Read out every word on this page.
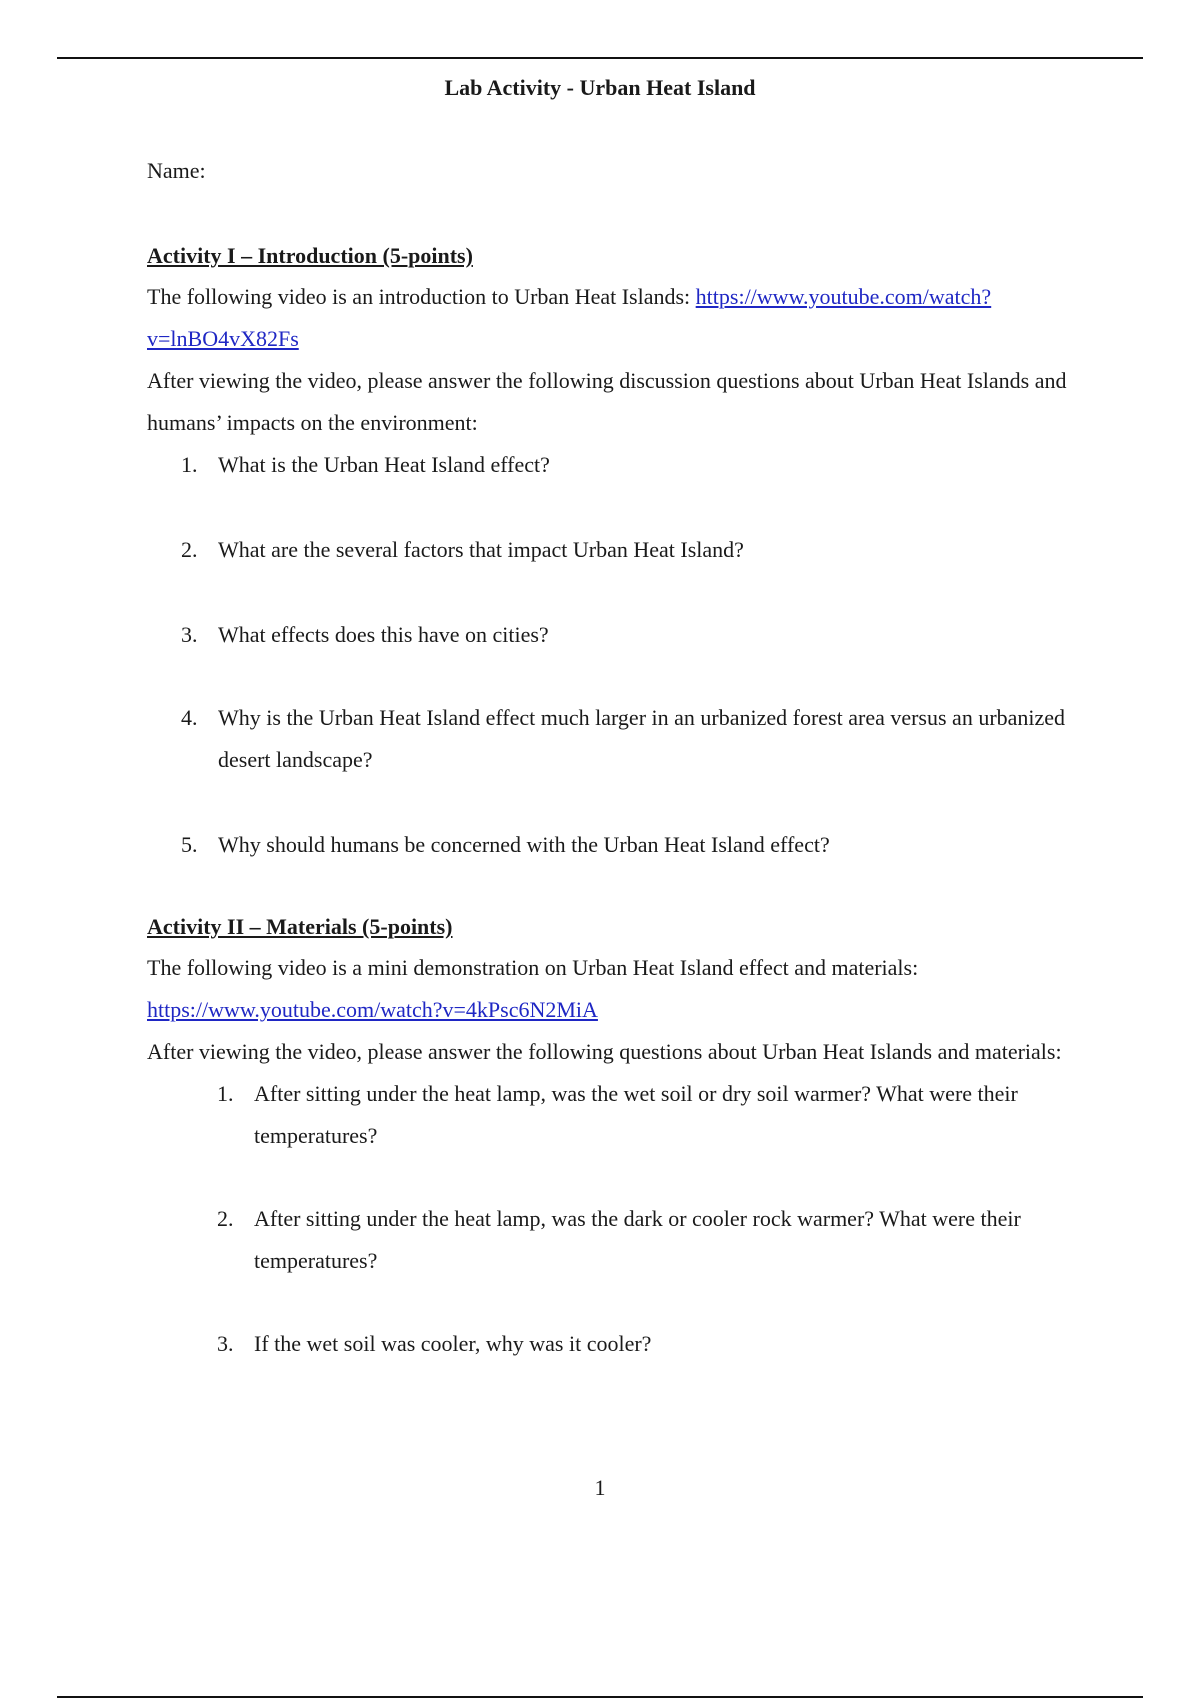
Lab Activity - Urban Heat Island
Name:
Activity I – Introduction (5-points)

The following video is an introduction to Urban Heat Islands: https://www.youtube.com/watch? v=lnBO4vX82Fs

After viewing the video, please answer the following discussion questions about Urban Heat Islands and humans’ impacts on the environment:

1. What is the Urban Heat Island effect?
2. What are the several factors that impact Urban Heat Island?
3. What effects does this have on cities?
4. Why is the Urban Heat Island effect much larger in an urbanized forest area versus an urbanized desert landscape?
5. Why should humans be concerned with the Urban Heat Island effect?
Activity II – Materials (5-points)

The following video is a mini demonstration on Urban Heat Island effect and materials:

https://www.youtube.com/watch?v=4kPsc6N2MiA

After viewing the video, please answer the following questions about Urban Heat Islands and materials:

1. After sitting under the heat lamp, was the wet soil or dry soil warmer? What were their temperatures?
2. After sitting under the heat lamp, was the dark or cooler rock warmer? What were their temperatures?
3. If the wet soil was cooler, why was it cooler?
1
